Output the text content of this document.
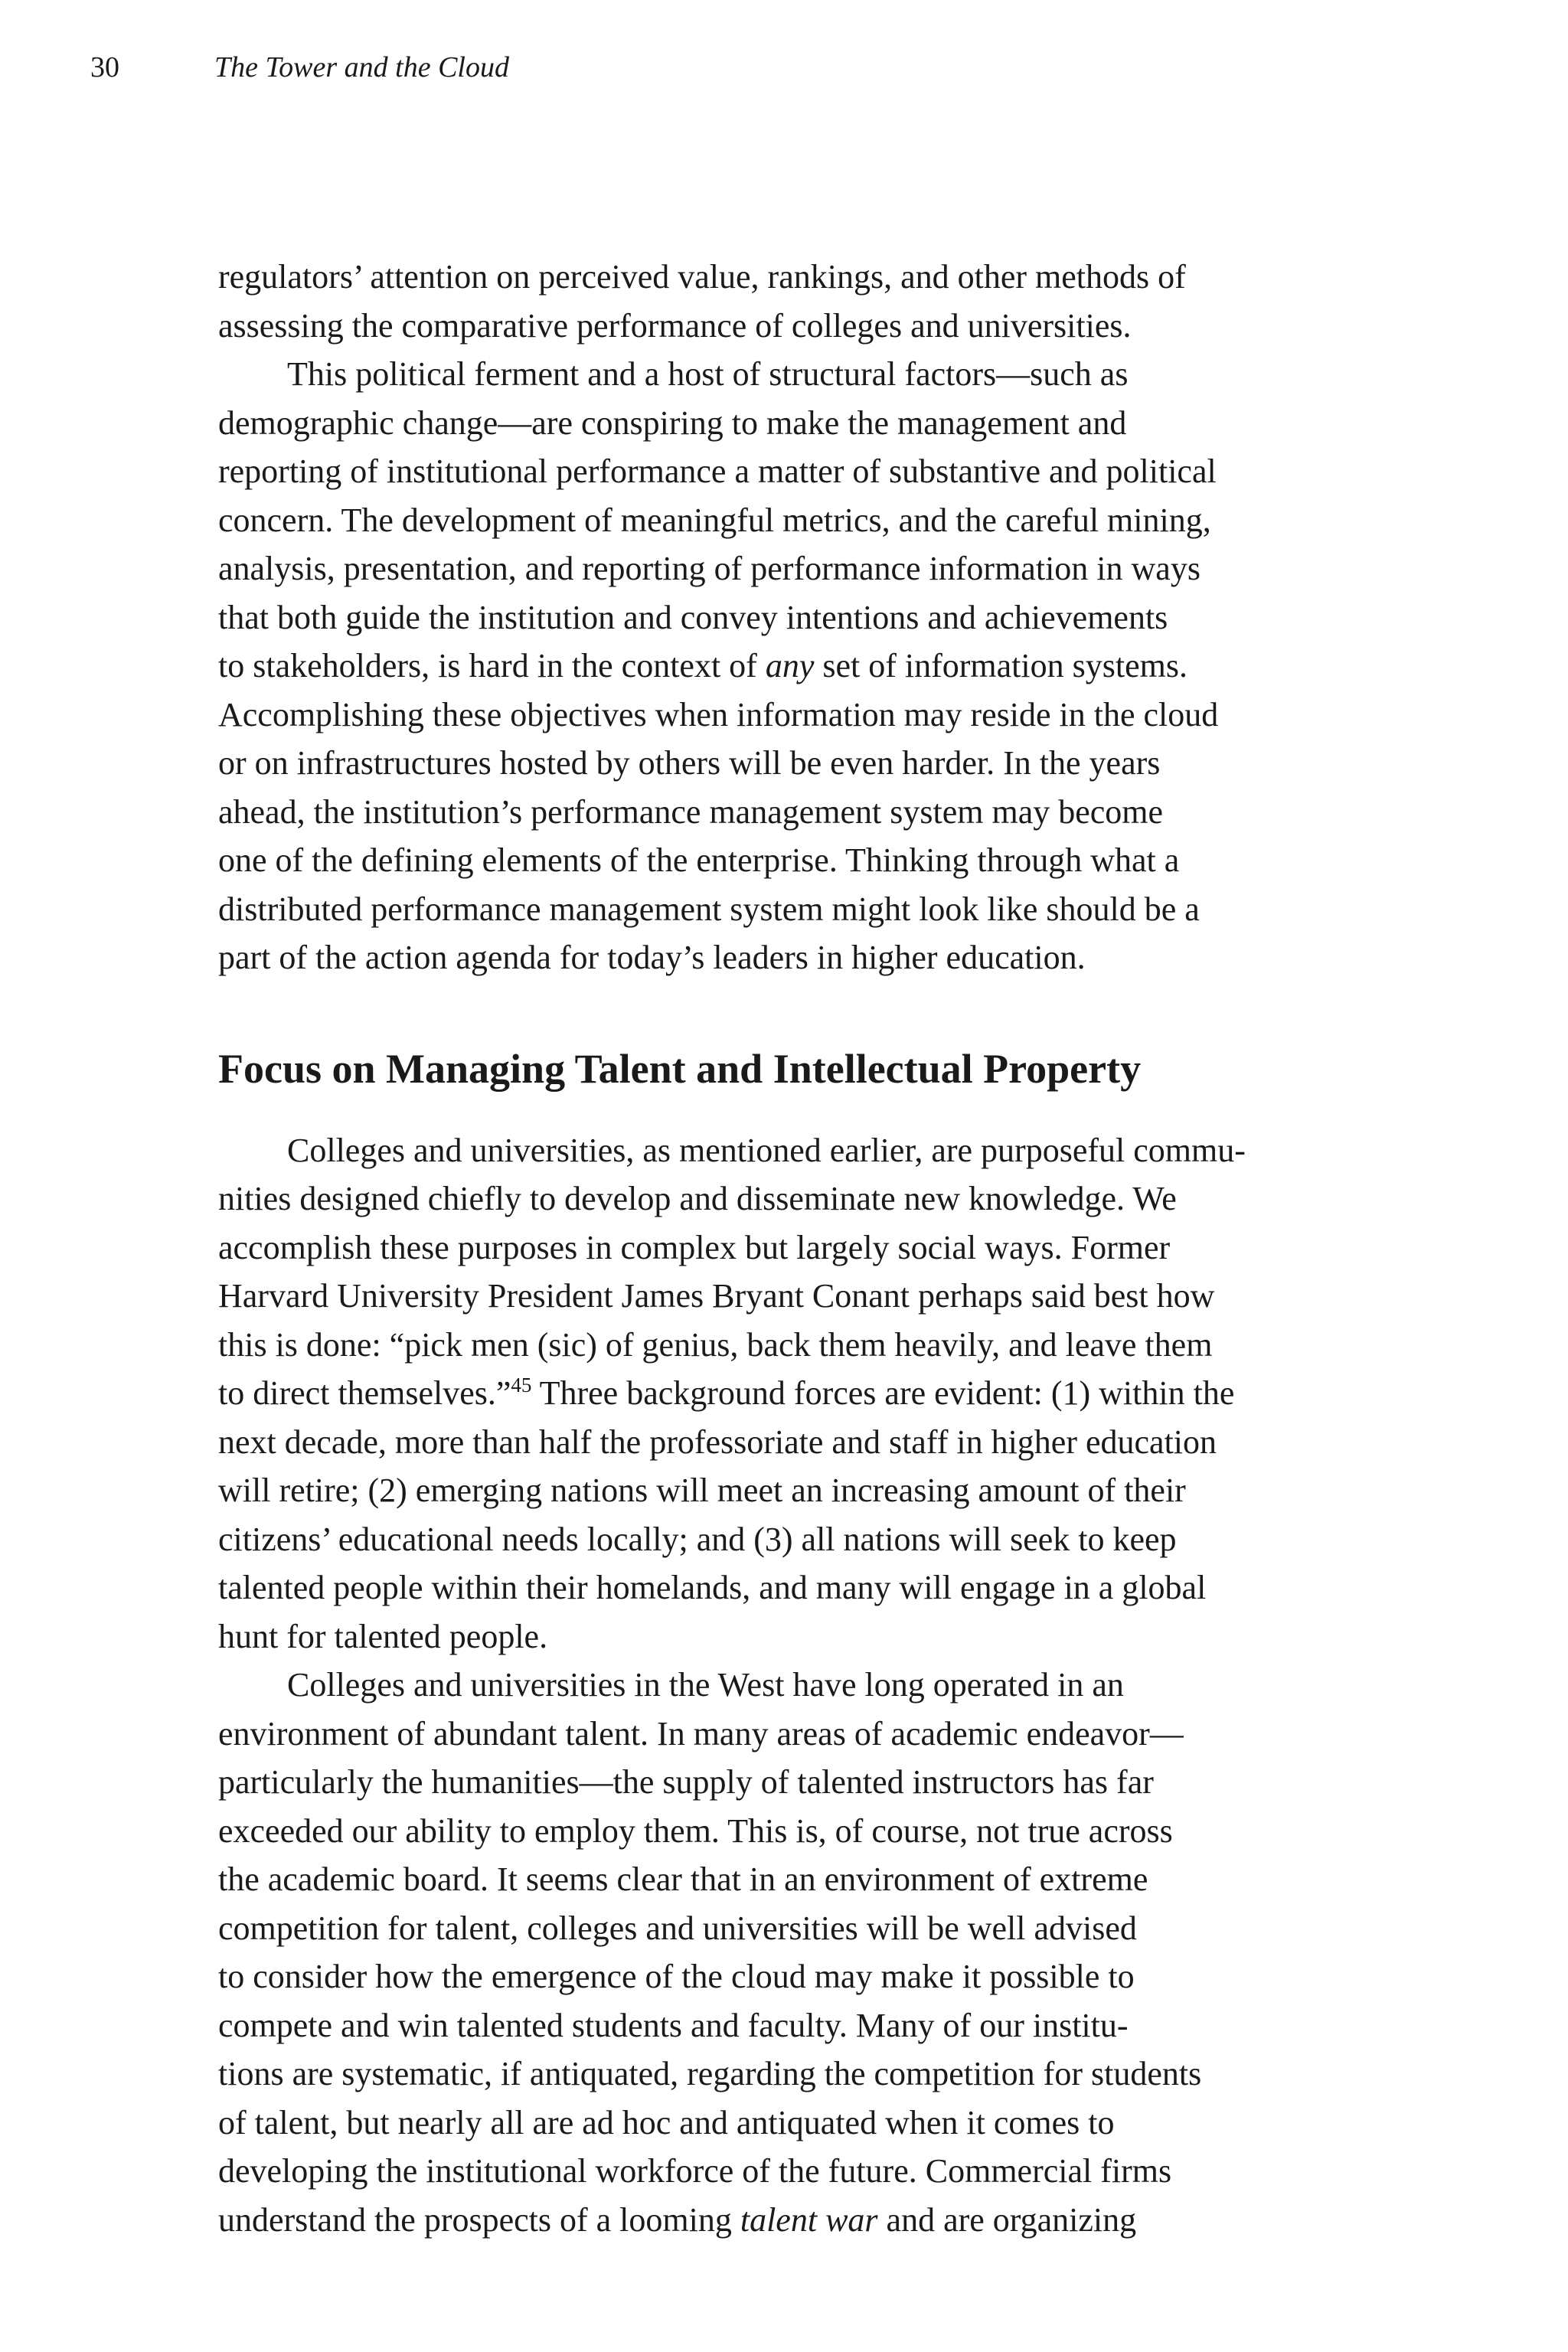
30	The Tower and the Cloud
regulators’ attention on perceived value, rankings, and other methods of
assessing the comparative performance of colleges and universities.
This political ferment and a host of structural factors—such as
demographic change—are conspiring to make the management and
reporting of institutional performance a matter of substantive and political
concern. The development of meaningful metrics, and the careful mining,
analysis, presentation, and reporting of performance information in ways
that both guide the institution and convey intentions and achievements
to stakeholders, is hard in the context of any set of information systems.
Accomplishing these objectives when information may reside in the cloud
or on infrastructures hosted by others will be even harder. In the years
ahead, the institution’s performance management system may become
one of the defining elements of the enterprise. Thinking through what a
distributed performance management system might look like should be a
part of the action agenda for today’s leaders in higher education.
Focus on Managing Talent and Intellectual Property
Colleges and universities, as mentioned earlier, are purposeful commu-
nities designed chiefly to develop and disseminate new knowledge. We
accomplish these purposes in complex but largely social ways. Former
Harvard University President James Bryant Conant perhaps said best how
this is done: “pick men (sic) of genius, back them heavily, and leave them
to direct themselves.”$^{45}$ Three background forces are evident: (1) within the
next decade, more than half the professoriate and staff in higher education
will retire; (2) emerging nations will meet an increasing amount of their
citizens’ educational needs locally; and (3) all nations will seek to keep
talented people within their homelands, and many will engage in a global
hunt for talented people.
Colleges and universities in the West have long operated in an
environment of abundant talent. In many areas of academic endeavor—
particularly the humanities—the supply of talented instructors has far
exceeded our ability to employ them. This is, of course, not true across
the academic board. It seems clear that in an environment of extreme
competition for talent, colleges and universities will be well advised
to consider how the emergence of the cloud may make it possible to
compete and win talented students and faculty. Many of our institu-
tions are systematic, if antiquated, regarding the competition for students
of talent, but nearly all are ad hoc and antiquated when it comes to
developing the institutional workforce of the future. Commercial firms
understand the prospects of a looming talent war and are organizing
